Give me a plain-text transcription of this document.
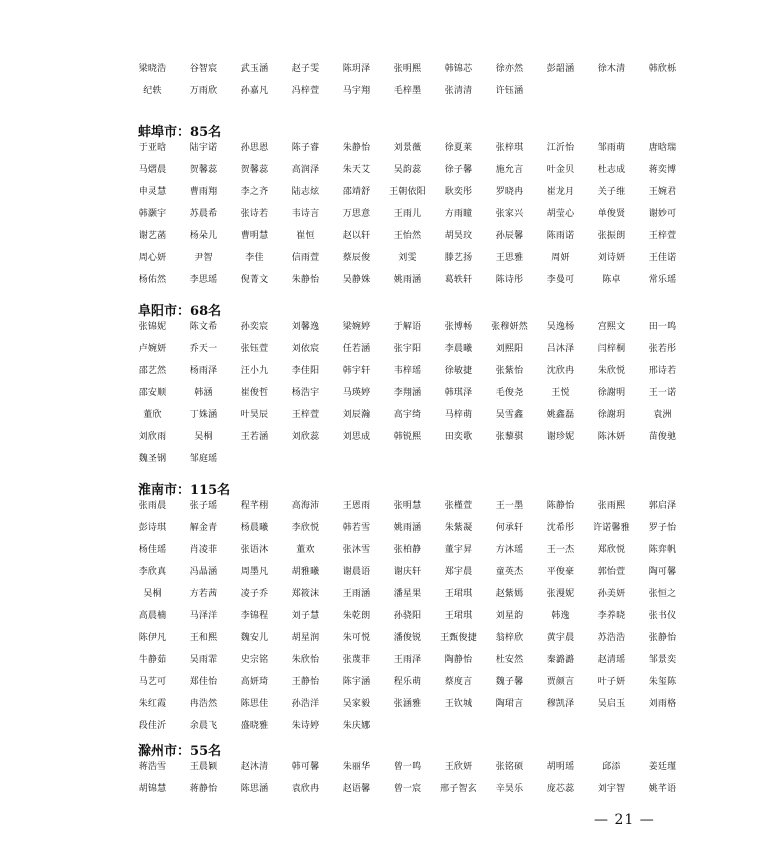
梁晓浩	谷智宸	武玉涵	赵子雯	陈玥泽	张明熙	韩锦芯	徐亦然	彭韶涵	徐木清	韩欣栎
纪轶	万雨欣	孙嘉凡	冯梓萱	马宇翔	毛梓墨	张清清	许钰涵
蚌埠市：85名
于亚晗	陆宇诺	孙思恩	陈子睿	朱静怡	刘景薇	徐夏莱	张梓琪	江沂怡	邹雨萌	唐晗瑞
马熠晨	贺馨蕊	贺馨蕊	高润泽	朱天艾	吴韵蕊	徐子馨	施允言	叶金贝	杜志成	蒋奕博
申灵慧	曹雨翔	李之齐	陆志炫	邵靖舒	王朝依阳	耿奕彤	罗晓冉	崔龙月	关子维	王婉君
韩灏宇	苏晨希	张诗若	韦诗言	万思意	王雨儿	方雨瞳	张家兴	胡莹心	单俊贤	谢妙可
谢艺菡	杨朵儿	曹明慧	崔恒	赵以轩	王怡然	胡昊玟	孙辰馨	陈雨诺	张振朗	王梓萱
周心妍	尹智	李佳	信雨萱	蔡辰俊	刘雯	滕艺扬	王思雅	周妍	刘诗妍	王佳诺
杨佑然	李思瑶	倪菁文	朱静怡	吴静姝	姚雨涵	葛轶轩	陈诗彤	李曼可	陈卓	常乐瑶
阜阳市：68名
张锦妮	陈文希	孙奕宸	刘馨逸	梁婉婷	于解语	张博畅	张穆妍然	吴逸杨	宫熙文	田一鸣
卢婉妍	乔天一	张钰萱	刘依宸	任若涵	张宇阳	李晨曦	刘熙阳	吕沐泽	闫梓桐	张若彤
邵艺然	杨雨泽	汪小九	李佳阳	韩宇轩	韦梓瑶	徐敏捷	张紫怡	沈欣冉	朱欣悦	邢诗若
邵安顺	韩涵	崔俊哲	杨浩宇	马瑛婷	李翔涵	韩琪泽	毛俊尧	王悦	徐謝明	王一诺
董欣	丁姝涵	叶昊辰	王梓萱	刘辰瀚	高宇绮	马梓萌	吴雪鑫	姚鑫磊	徐謝玥	袁洲
刘欣雨	吴桐	王若涵	刘欣蕊	刘思成	韩锐熙	田奕歌	张藜骐	谢珍妮	陈沐妍	苗俊驰
魏圣钢	邹庭瑶
淮南市：115名
张雨晨	张子瑶	程芊栩	高海沛	王恩雨	张明慧	张槿萱	王一墨	陈静怡	张雨熙	郭启泽
彭诗琪	解金青	杨晨曦	李欣悦	韩若雪	姚雨涵	朱紫凝	何承轩	沈希彤	许诺馨雅	罗子怡
杨佳瑶	肖凌菲	张语沐	董欢	张沐雪	张柏静	董宇昇	方沐瑶	王一杰	郑欣悦	陈弈帆
李欣真	冯晶涵	周墨凡	胡雅曦	谢晨语	谢庆轩	郑宇晨	童英杰	平俊豪	郭怡萱	陶可馨
吴桐	方若茜	凌子乔	郑筱沫	王雨涵	潘星果	王珺琪	赵紫嫣	张漫妮	孙美妍	张恒之
高晨楠	马泽洋	李锦程	刘子慧	朱乾朗	孙骁阳	王珺琪	刘星韵	韩逸	李养晓	张书仪
陈伊凡	王和熙	魏安儿	胡星润	朱可悦	潘俊锐	王甄俊捷	翁梓欣	黄宇晨	苏浩浩	张静怡
牛静茹	吴雨霏	史宗铭	朱欣怡	张蔑菲	王雨泽	陶静怡	杜安然	秦潞潞	赵清瑶	邹景奕
马艺可	郑佳怡	高妍琦	王静怡	陈宇涵	程乐萌	蔡度言	魏子馨	贾颜言	叶子妍	朱玺陈
朱红霞	冉浩然	陈思佳	孙浩洋	吴家毅	张涵雅	王钦城	陶珺言	穆凯泽	吴启玉	刘雨格
段佳沂	余晨飞	盛晓雅	朱诗婷	朱庆娜
滁州市：55名
蒋浩雪	王晨颖	赵沐清	韩可馨	朱丽华	曾一鸣	王欣妍	张铭硕	胡明瑶	邱添	姜廷瑾
胡锦慧	蒋静怡	陈思涵	袁欣冉	赵语馨	曾一宸	邢子智玄	辛昊乐	庞芯蕊	刘宇智	姚芊语
— 21 —
